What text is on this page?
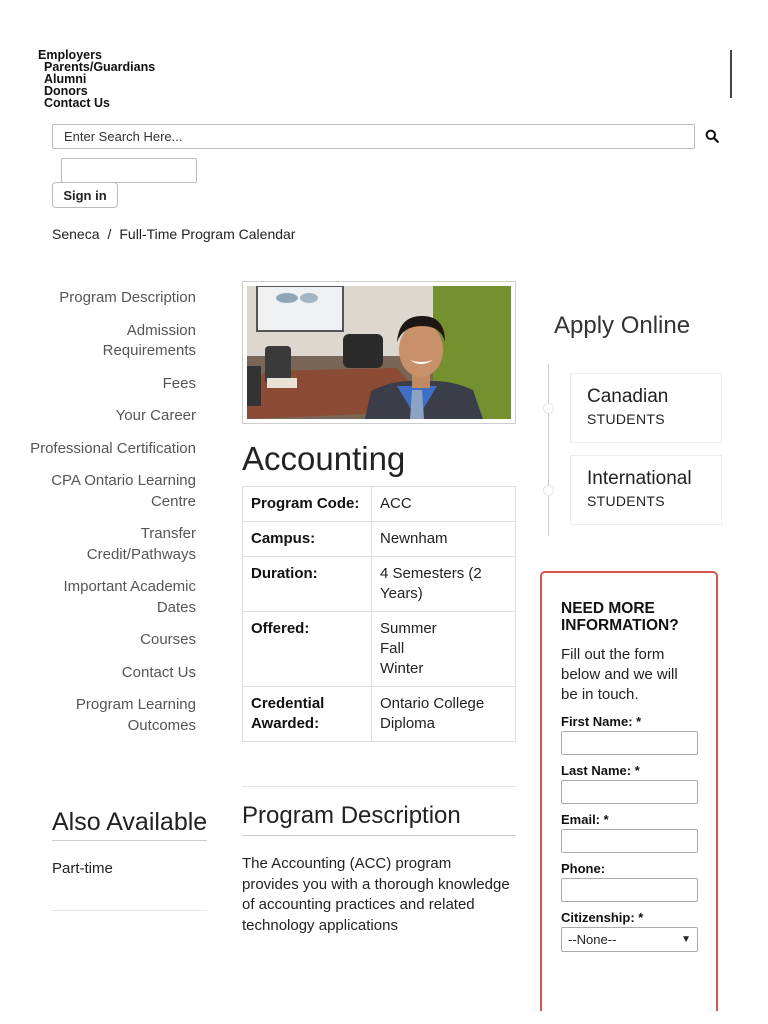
Employers
Parents/Guardians
Alumni
Donors
Contact Us
Enter Search Here...
Sign in
Seneca / Full-Time Program Calendar
Program Description
Admission Requirements
Fees
Your Career
Professional Certification
CPA Ontario Learning Centre
Transfer Credit/Pathways
Important Academic Dates
Courses
Contact Us
Program Learning Outcomes
Also Available
Part-time
Accounting
Program Code:	ACC
Campus:	Newnham
Duration:	4 Semesters (2 Years)
Offered:	Summer
Fall
Winter

Credential Awarded:	Ontario College Diploma
Program Description

The Accounting (ACC) program provides you with a thorough knowledge of accounting practices and related technology applications

Apply Online
Canadian
STUDENTS
International
STUDENTS
NEED MORE INFORMATION?
Fill out the form below and we will be in touch.
First Name: *
Last Name: *
Email: *
Phone:
Citizenship: *
--None--	▼
